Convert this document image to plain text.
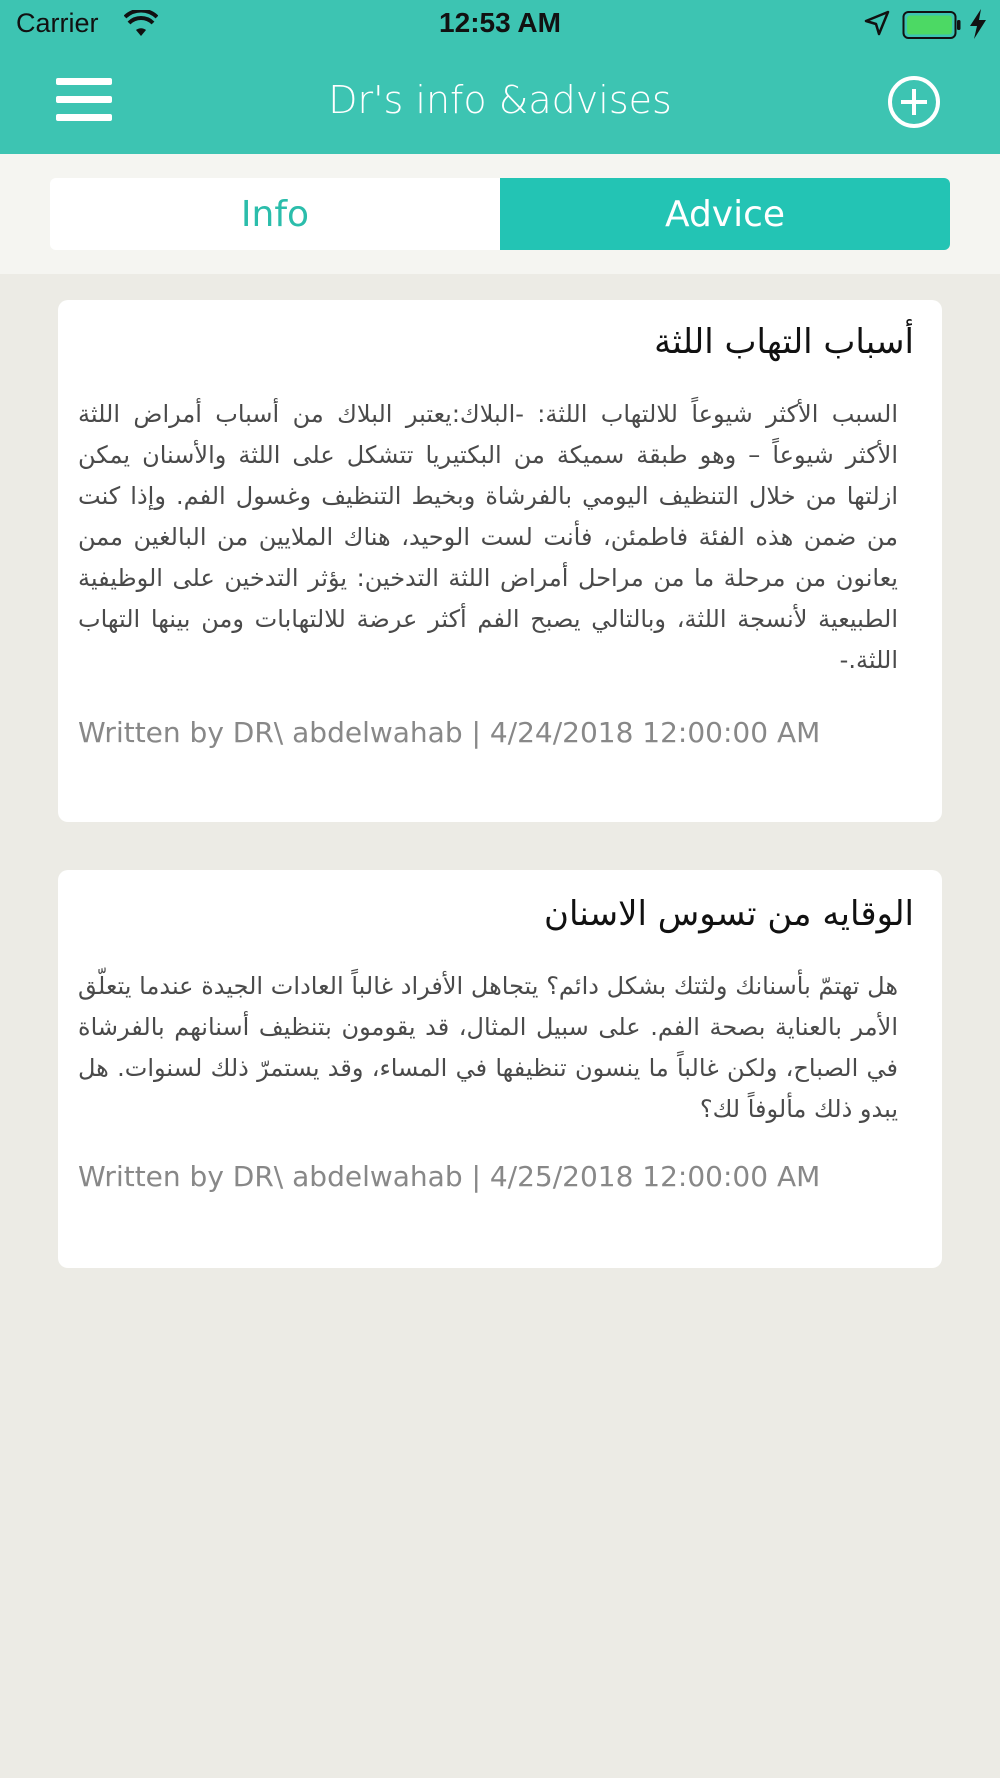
Carrier	12:53 AM
Dr's info &advises
Info	Advice
أسباب التهاب اللثة
السبب الأكثر شيوعاً للالتهاب اللثة: -البلاك:يعتبر البلاك من أسباب أمراض اللثة الأكثر شيوعاً – وهو طبقة سميكة من البكتيريا تتشكل على اللثة والأسنان يمكن ازلتها من خلال التنظيف اليومي بالفرشاة وبخيط التنظيف وغسول الفم. وإذا كنت من ضمن هذه الفئة فاطمئن، فأنت لست الوحيد، هناك الملايين من البالغين ممن يعانون من مرحلة ما من مراحل أمراض اللثة التدخين: يؤثر التدخين على الوظيفية الطبيعية لأنسجة اللثة، وبالتالي يصبح الفم أكثر عرضة للالتهابات ومن بينها التهاب اللثة.-
Written by DR\ abdelwahab | 4/24/2018 12:00:00 AM
الوقايه من تسوس الاسنان
هل تهتمّ بأسنانك ولثتك بشكل دائم؟ يتجاهل الأفراد غالباً العادات الجيدة عندما يتعلّق الأمر بالعناية بصحة الفم. على سبيل المثال، قد يقومون بتنظيف أسنانهم بالفرشاة في الصباح، ولكن غالباً ما ينسون تنظيفها في المساء، وقد يستمرّ ذلك لسنوات. هل يبدو ذلك مألوفاً لك؟
Written by DR\ abdelwahab | 4/25/2018 12:00:00 AM
